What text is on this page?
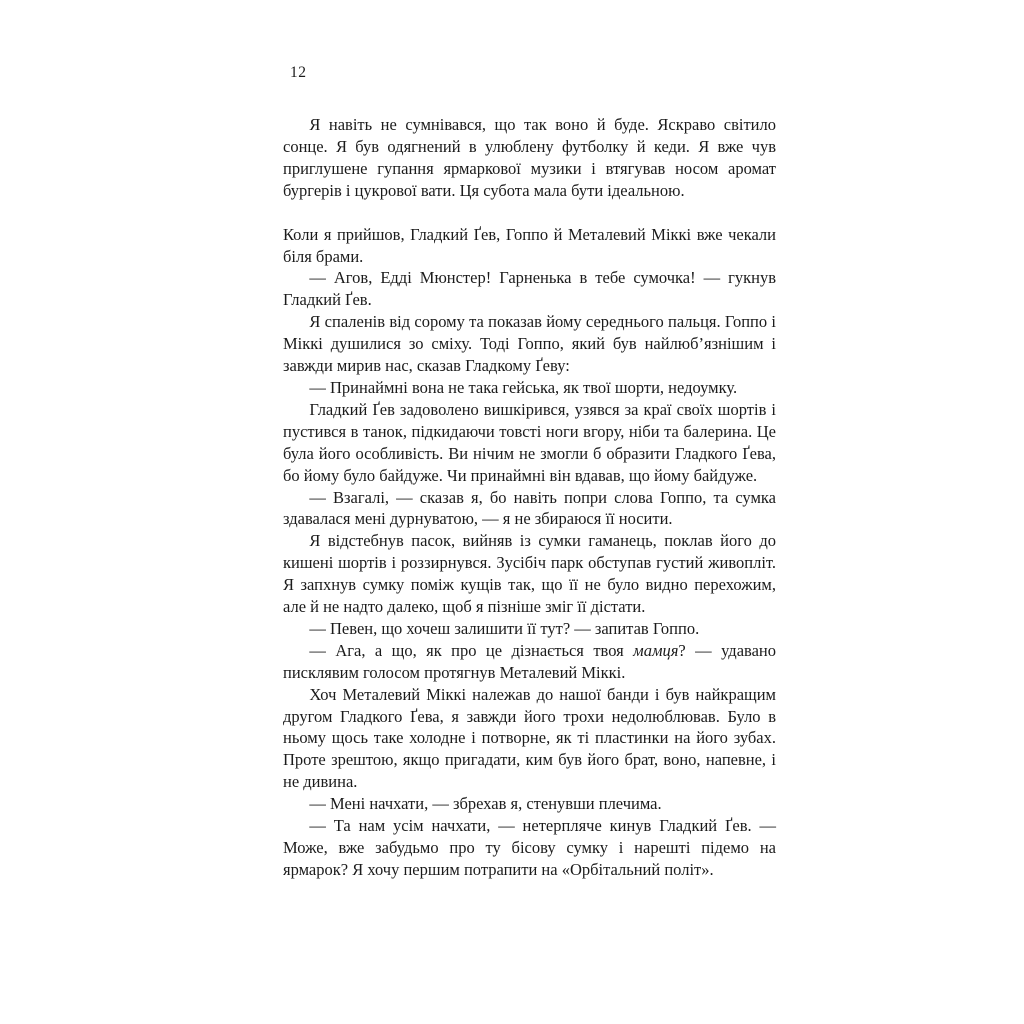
12

Я навіть не сумнівався, що так воно й буде. Яскраво світило сонце. Я був одягнений в улюблену футболку й кеди. Я вже чув приглушене гупання ярмаркової музики і втягував носом аромат бургерів і цукрової вати. Ця субота мала бути ідеальною.

Коли я прийшов, Гладкий Ґев, Гоппо й Металевий Міккі вже чекали біля брами.

— Агов, Едді Мюнстер! Гарненька в тебе сумочка! — гукнув Гладкий Ґев.

Я спаленів від сорому та показав йому середнього пальця. Гоппо і Міккі душилися зо сміху. Тоді Гоппо, який був найлюб’язнішим і завжди мирив нас, сказав Гладкому Ґеву:

— Принаймні вона не така гейська, як твої шорти, недоумку.

Гладкий Ґев задоволено вишкірився, узявся за краї своїх шортів і пустився в танок, підкидаючи товсті ноги вгору, ніби та балерина. Це була його особливість. Ви нічим не змогли б образити Гладкого Ґева, бо йому було байдуже. Чи принаймні він вдавав, що йому байдуже.

— Взагалі, — сказав я, бо навіть попри слова Гоппо, та сумка здавалася мені дурнуватою, — я не збираюся її носити.

Я відстебнув пасок, вийняв із сумки гаманець, поклав його до кишені шортів і роззирнувся. Зусібіч парк обступав густий живопліт. Я запхнув сумку поміж кущів так, що її не було видно перехожим, але й не надто далеко, щоб я пізніше зміг її дістати.

— Певен, що хочеш залишити її тут? — запитав Гоппо.

— Ага, а що, як про це дізнається твоя мамця? — удавано писклявим голосом протягнув Металевий Міккі.

Хоч Металевий Міккі належав до нашої банди і був найкращим другом Гладкого Ґева, я завжди його трохи недолюблював. Було в ньому щось таке холодне і потворне, як ті пластинки на його зубах. Проте зрештою, якщо пригадати, ким був його брат, воно, напевне, і не дивина.

— Мені начхати, — збрехав я, стенувши плечима.

— Та нам усім начхати, — нетерпляче кинув Гладкий Ґев. — Може, вже забудьмо про ту бісову сумку і нарешті підемо на ярмарок? Я хочу першим потрапити на «Орбітальний політ».
